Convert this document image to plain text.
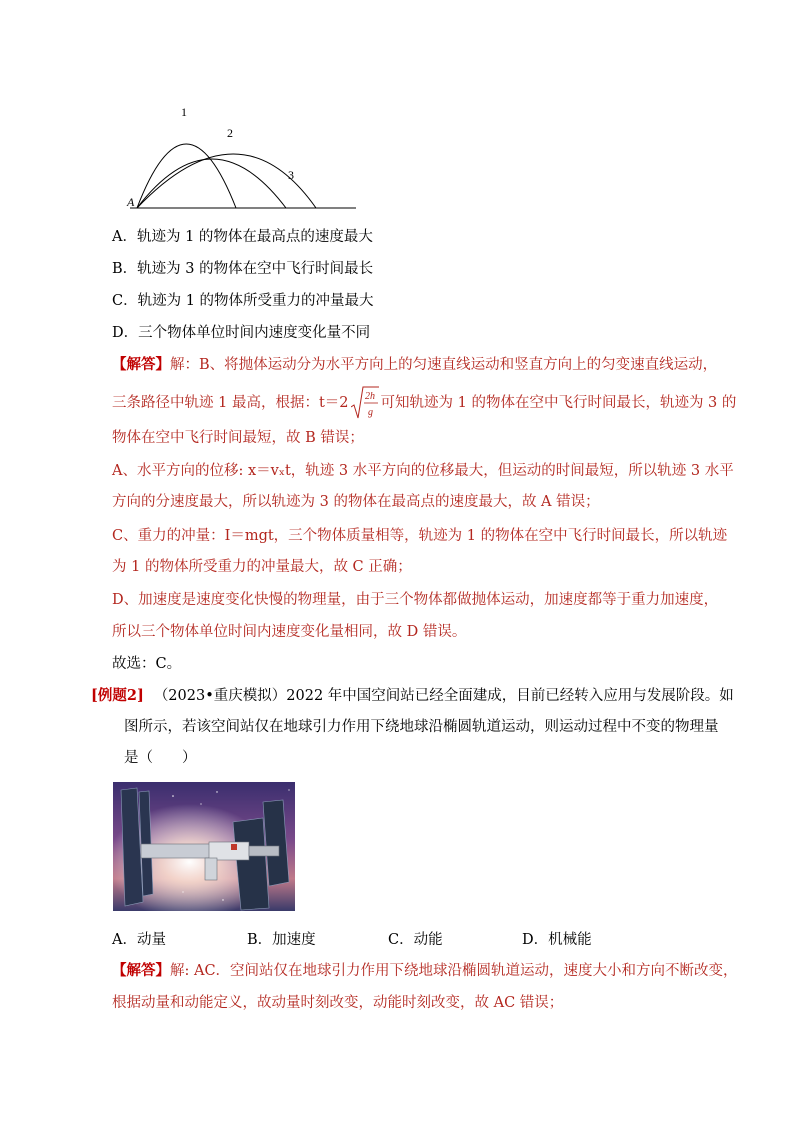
A
1
2
3
A．轨迹为 1 的物体在最高点的速度最大
B．轨迹为 3 的物体在空中飞行时间最长
C．轨迹为 1 的物体所受重力的冲量最大
D．三个物体单位时间内速度变化量不同
【解答】解：B、将抛体运动分为水平方向上的匀速直线运动和竖直方向上的匀变速直线运动，
三条路径中轨迹 1 最高，根据：t＝2 2h
g
可知轨迹为 1 的物体在空中飞行时间最长，轨迹为 3 的
物体在空中飞行时间最短，故 B 错误；
A、水平方向的位移: x＝vₓt，轨迹 3 水平方向的位移最大，但运动的时间最短，所以轨迹 3 水平
方向的分速度最大，所以轨迹为 3 的物体在最高点的速度最大，故 A 错误；
C、重力的冲量：I＝mgt，三个物体质量相等，轨迹为 1 的物体在空中飞行时间最长，所以轨迹
为 1 的物体所受重力的冲量最大，故 C 正确；
D、加速度是速度变化快慢的物理量，由于三个物体都做抛体运动，加速度都等于重力加速度，
所以三个物体单位时间内速度变化量相同，故 D 错误。
故选：C。
[例题2] （2023•重庆模拟）2022 年中国空间站已经全面建成，目前已经转入应用与发展阶段。如
图所示，若该空间站仅在地球引力作用下绕地球沿椭圆轨道运动，则运动过程中不变的物理量
是（　　）
A．动量	B．加速度	C．动能	D．机械能
【解答】解: AC．空间站仅在地球引力作用下绕地球沿椭圆轨道运动，速度大小和方向不断改变，
根据动量和动能定义，故动量时刻改变，动能时刻改变，故 AC 错误；
